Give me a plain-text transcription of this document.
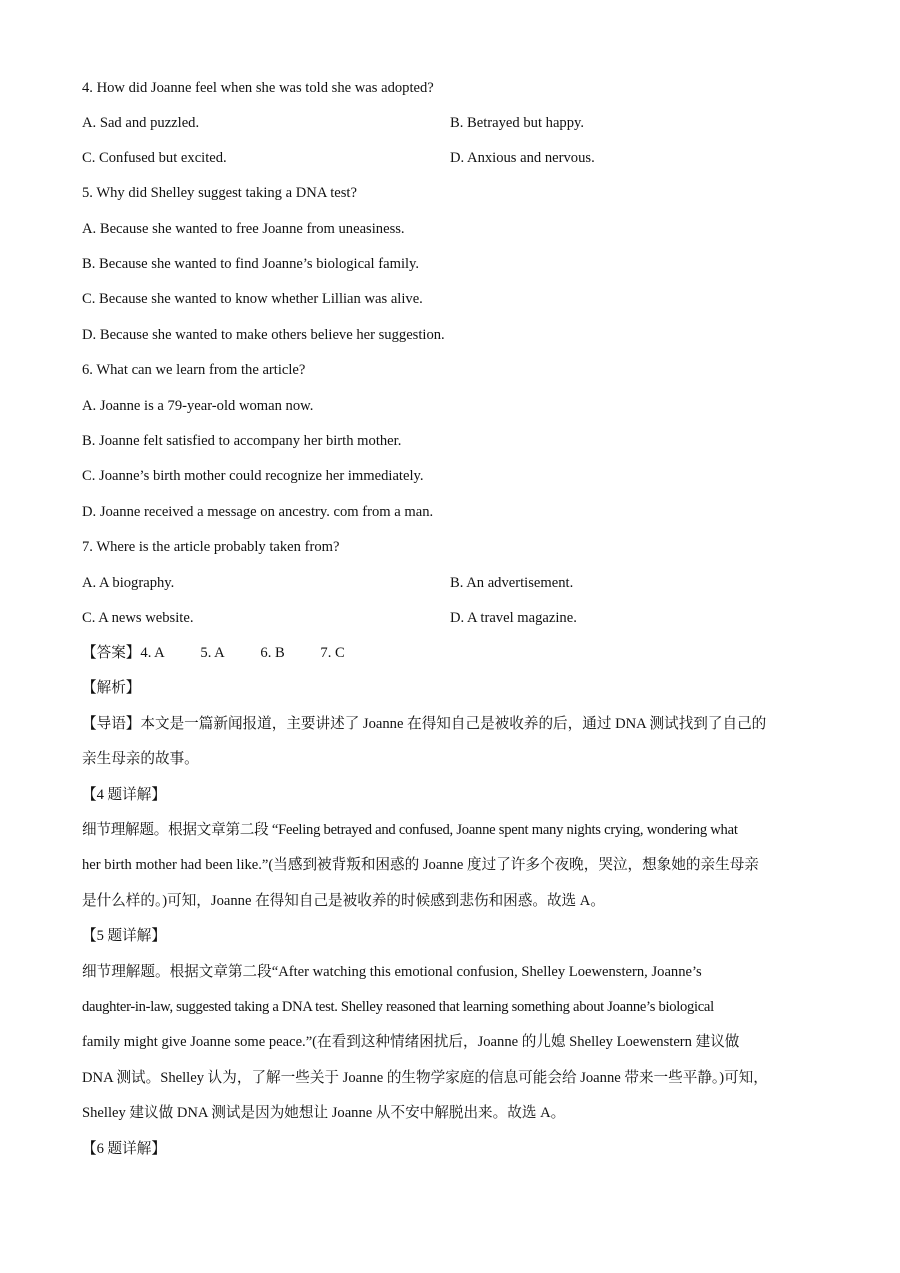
4. How did Joanne feel when she was told she was adopted?
A. Sad and puzzled.	B. Betrayed but happy.
C. Confused but excited.	D. Anxious and nervous.
5. Why did Shelley suggest taking a DNA test?
A. Because she wanted to free Joanne from uneasiness.
B. Because she wanted to find Joanne’s biological family.
C. Because she wanted to know whether Lillian was alive.
D. Because she wanted to make others believe her suggestion.
6. What can we learn from the article?
A. Joanne is a 79-year-old woman now.
B. Joanne felt satisfied to accompany her birth mother.
C. Joanne’s birth mother could recognize her immediately.
D. Joanne received a message on ancestry. com from a man.
7. Where is the article probably taken from?
A. A biography.	B. An advertisement.
C. A news website.	D. A travel magazine.
【答案】4. A 5. A 6. B 7. C
【解析】
【导语】本文是一篇新闻报道，主要讲述了 Joanne 在得知自己是被收养的后，通过 DNA 测试找到了自己的
亲生母亲的故事。
【4 题详解】
细节理解题。根据文章第二段 “Feeling betrayed and confused, Joanne spent many nights crying, wondering what
her birth mother had been like.”(当感到被背叛和困惑的 Joanne 度过了许多个夜晚，哭泣，想象她的亲生母亲
是什么样的。)可知，Joanne 在得知自己是被收养的时候感到悲伤和困惑。故选 A。
【5 题详解】
细节理解题。根据文章第二段“After watching this emotional confusion, Shelley Loewenstern, Joanne’s
daughter-in-law, suggested taking a DNA test. Shelley reasoned that learning something about Joanne’s biological
family might give Joanne some peace.”(在看到这种情绪困扰后，Joanne 的儿媳 Shelley Loewenstern 建议做
DNA 测试。Shelley 认为，了解一些关于 Joanne 的生物学家庭的信息可能会给 Joanne 带来一些平静。)可知，
Shelley 建议做 DNA 测试是因为她想让 Joanne 从不安中解脱出来。故选 A。
【6 题详解】
